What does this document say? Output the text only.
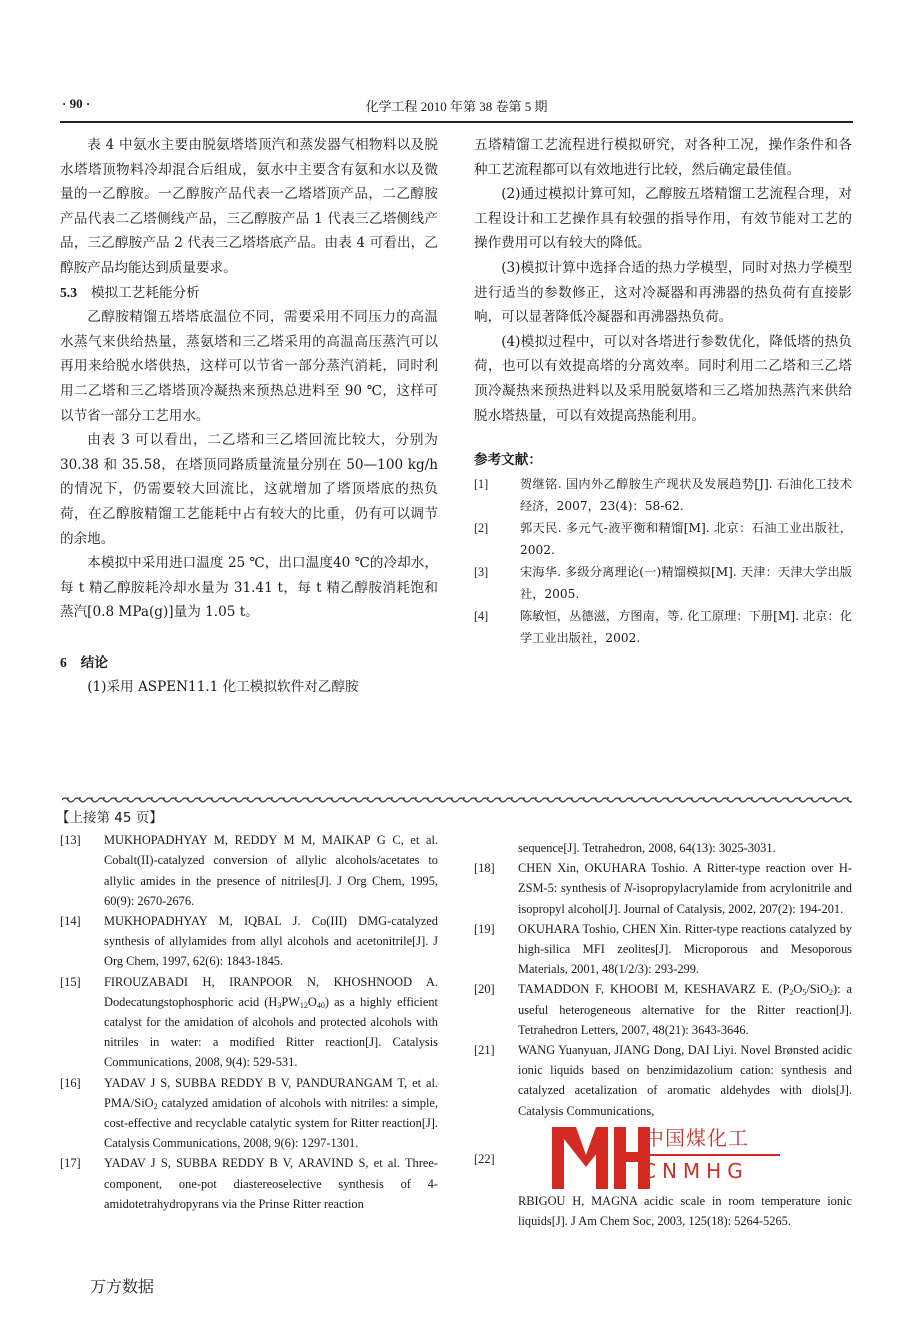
· 90 ·	化学工程 2010 年第 38 卷第 5 期

表 4 中氨水主要由脱氨塔塔顶汽和蒸发器气相物料以及脱水塔塔顶物料冷却混合后组成，氨水中主要含有氨和水以及微量的一乙醇胺。一乙醇胺产品代表一乙塔塔顶产品，二乙醇胺产品代表二乙塔侧线产品，三乙醇胺产品 1 代表三乙塔侧线产品，三乙醇胺产品 2 代表三乙塔塔底产品。由表 4 可看出，乙醇胺产品均能达到质量要求。

5.3 模拟工艺耗能分析

乙醇胺精馏五塔塔底温位不同，需要采用不同压力的高温水蒸气来供给热量，蒸氨塔和三乙塔采用的高温高压蒸汽可以再用来给脱水塔供热，这样可以节省一部分蒸汽消耗，同时利用二乙塔和三乙塔塔顶冷凝热来预热总进料至 90 ℃，这样可以节省一部分工艺用水。

由表 3 可以看出，二乙塔和三乙塔回流比较大，分别为 30.38 和 35.58，在塔顶同路质量流量分别在 50—100 kg/h 的情况下，仍需要较大回流比，这就增加了塔顶塔底的热负荷，在乙醇胺精馏工艺能耗中占有较大的比重，仍有可以调节的余地。

本模拟中采用进口温度 25 ℃，出口温度40 ℃的冷却水，每 t 精乙醇胺耗冷却水量为 31.41 t，每 t 精乙醇胺消耗饱和蒸汽[0.8 MPa(g)]量为 1.05 t。

6 结论

(1)采用 ASPEN11.1 化工模拟软件对乙醇胺

五塔精馏工艺流程进行模拟研究，对各种工况，操作条件和各种工艺流程都可以有效地进行比较，然后确定最佳值。

(2)通过模拟计算可知，乙醇胺五塔精馏工艺流程合理，对工程设计和工艺操作具有较强的指导作用，有效节能对工艺的操作费用可以有较大的降低。

(3)模拟计算中选择合适的热力学模型，同时对热力学模型进行适当的参数修正，这对冷凝器和再沸器的热负荷有直接影响，可以显著降低冷凝器和再沸器热负荷。

(4)模拟过程中，可以对各塔进行参数优化，降低塔的热负荷，也可以有效提高塔的分离效率。同时利用二乙塔和三乙塔顶冷凝热来预热进料以及采用脱氨塔和三乙塔加热蒸汽来供给脱水塔热量，可以有效提高热能利用。

参考文献：

[1]	贺继铭. 国内外乙醇胺生产现状及发展趋势[J]. 石油化工技术经济，2007，23(4)：58-62.
[2]	郭天民. 多元气-液平衡和精馏[M]. 北京：石油工业出版社，2002.
[3]	宋海华. 多级分离理论(一)精馏模拟[M]. 天津：天津大学出版社，2005.
[4]	陈敏恒，丛德滋，方图南，等. 化工原理：下册[M]. 北京：化学工业出版社，2002.

【上接第 45 页】

[13] MUKHOPADHYAY M, REDDY M M, MAIKAP G C, et al. Cobalt(II)-catalyzed conversion of allylic alcohols/acetates to allylic amides in the presence of nitriles[J]. J Org Chem, 1995, 60(9): 2670-2676.

[14] MUKHOPADHYAY M, IQBAL J. Co(III) DMG-catalyzed synthesis of allylamides from allyl alcohols and acetonitrile[J]. J Org Chem, 1997, 62(6): 1843-1845.

[15] FIROUZABADI H, IRANPOOR N, KHOSHNOOD A. Dodecatungstophosphoric acid $(H_3PW_{12}O_{40})$ as a highly efficient catalyst for the amidation of alcohols and protected alcohols with nitriles in water: a modified Ritter reaction[J]. Catalysis Communications, 2008, 9(4): 529-531.

[16] YADAV J S, SUBBA REDDY B V, PANDURANGAM T, et al. PMA/SiO$_2$ catalyzed amidation of alcohols with nitriles: a simple, cost-effective and recyclable catalytic system for Ritter reaction[J]. Catalysis Communications, 2008, 9(6): 1297-1301.

[17] YADAV J S, SUBBA REDDY B V, ARAVIND S, et al. Three-component, one-pot diastereoselective synthesis of 4-amidotetrahydropyrans via the Prinse Ritter reaction

sequence[J]. Tetrahedron, 2008, 64(13): 3025-3031.

[18] CHEN Xin, OKUHARA Toshio. A Ritter-type reaction over H-ZSM-5: synthesis of N-isopropylacrylamide from acrylonitrile and isopropyl alcohol[J]. Journal of Catalysis, 2002, 207(2): 194-201.

[19] OKUHARA Toshio, CHEN Xin. Ritter-type reactions catalyzed by high-silica MFI zeolites[J]. Microporous and Mesoporous Materials, 2001, 48(1/2/3): 293-299.

[20] TAMADDON F, KHOOBI M, KESHAVARZ E. $(P_2O_5/SiO_2)$: a useful heterogeneous alternative for the Ritter reaction[J]. Tetrahedron Letters, 2007, 48(21): 3643-3646.

[21] WANG Yuanyuan, JIANG Dong, DAI Liyi. Novel Brønsted acidic ionic liquids based on benzimidazolium cation: synthesis and catalyzed acetalization of aromatic aldehydes with diols[J]. Catalysis Communications,

[22]
中国煤化工
CNMHG
RBIGOU H, MAGNA acidic scale in room temperature ionic liquids[J]. J Am Chem Soc, 2003, 125(18): 5264-5265.
万方数据
